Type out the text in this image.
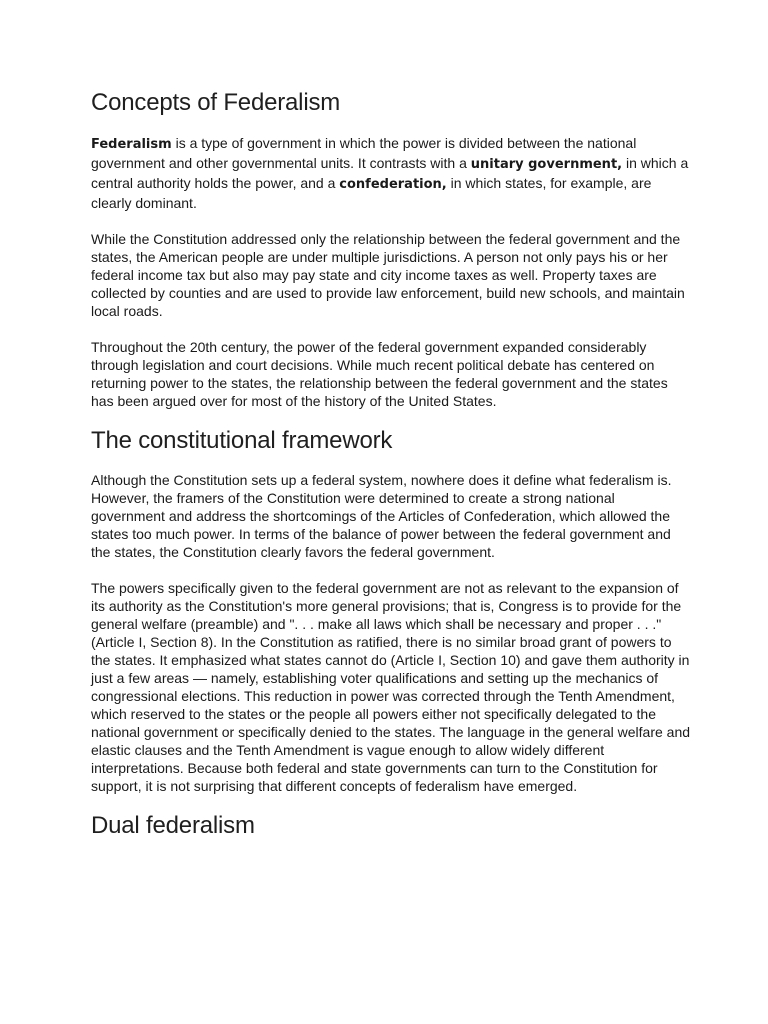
Concepts of Federalism

Federalism is a type of government in which the power is divided between the national government and other governmental units. It contrasts with a unitary government, in which a central authority holds the power, and a confederation, in which states, for example, are clearly dominant.

While the Constitution addressed only the relationship between the federal government and the states, the American people are under multiple jurisdictions. A person not only pays his or her federal income tax but also may pay state and city income taxes as well. Property taxes are collected by counties and are used to provide law enforcement, build new schools, and maintain local roads.

Throughout the 20th century, the power of the federal government expanded considerably through legislation and court decisions. While much recent political debate has centered on returning power to the states, the relationship between the federal government and the states has been argued over for most of the history of the United States.

The constitutional framework

Although the Constitution sets up a federal system, nowhere does it define what federalism is. However, the framers of the Constitution were determined to create a strong national government and address the shortcomings of the Articles of Confederation, which allowed the states too much power. In terms of the balance of power between the federal government and the states, the Constitution clearly favors the federal government.

The powers specifically given to the federal government are not as relevant to the expansion of its authority as the Constitution's more general provisions; that is, Congress is to provide for the general welfare (preamble) and ". . . make all laws which shall be necessary and proper . . ." (Article I, Section 8). In the Constitution as ratified, there is no similar broad grant of powers to the states. It emphasized what states cannot do (Article I, Section 10) and gave them authority in just a few areas — namely, establishing voter qualifications and setting up the mechanics of congressional elections. This reduction in power was corrected through the Tenth Amendment, which reserved to the states or the people all powers either not specifically delegated to the national government or specifically denied to the states. The language in the general welfare and elastic clauses and the Tenth Amendment is vague enough to allow widely different interpretations. Because both federal and state governments can turn to the Constitution for support, it is not surprising that different concepts of federalism have emerged.

Dual federalism
